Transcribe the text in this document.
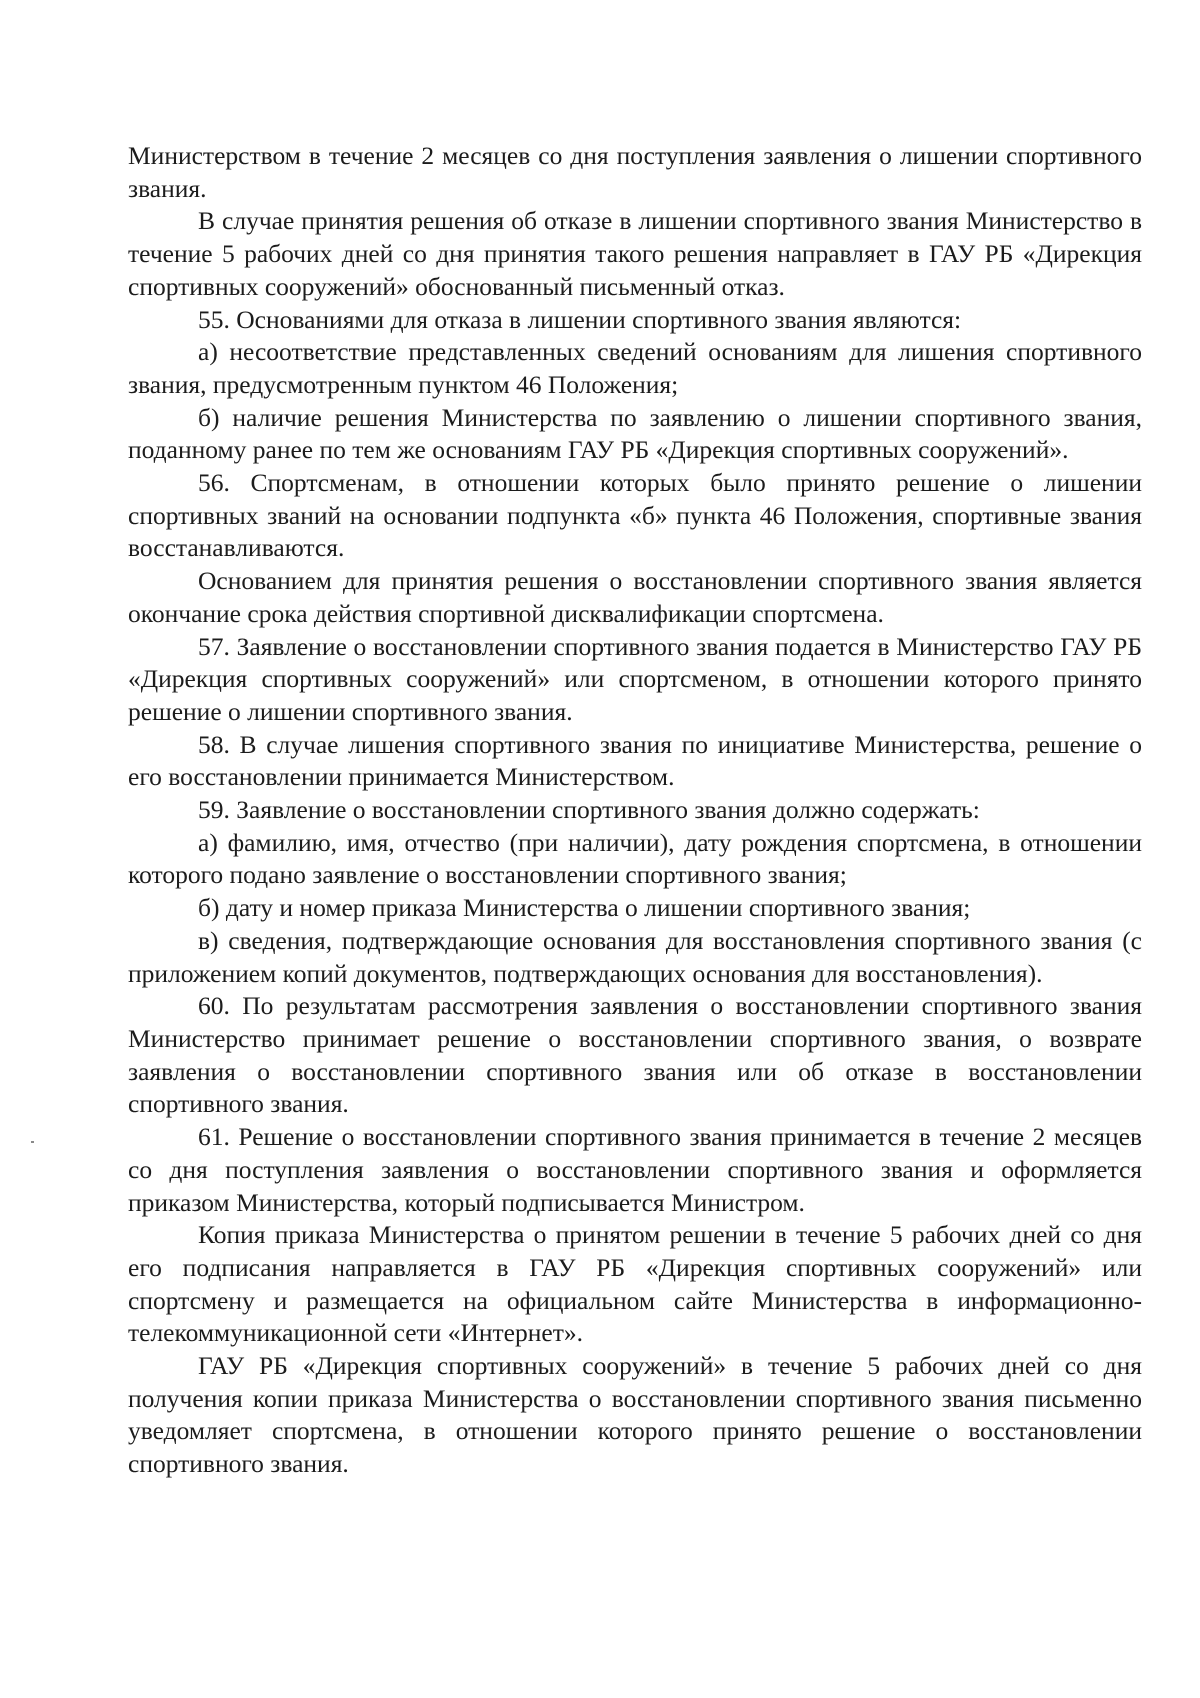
Министерством в течение 2 месяцев со дня поступления заявления о лишении спортивного звания.

В случае принятия решения об отказе в лишении спортивного звания Министерство в течение 5 рабочих дней со дня принятия такого решения направляет в ГАУ РБ «Дирекция спортивных сооружений» обоснованный письменный отказ.

55. Основаниями для отказа в лишении спортивного звания являются:

а) несоответствие представленных сведений основаниям для лишения спортивного звания, предусмотренным пунктом 46 Положения;

б) наличие решения Министерства по заявлению о лишении спортивного звания, поданному ранее по тем же основаниям ГАУ РБ «Дирекция спортивных сооружений».

56. Спортсменам, в отношении которых было принято решение о лишении спортивных званий на основании подпункта «б» пункта 46 Положения, спортивные звания восстанавливаются.

Основанием для принятия решения о восстановлении спортивного звания является окончание срока действия спортивной дисквалификации спортсмена.

57. Заявление о восстановлении спортивного звания подается в Министерство ГАУ РБ «Дирекция спортивных сооружений» или спортсменом, в отношении которого принято решение о лишении спортивного звания.

58. В случае лишения спортивного звания по инициативе Министерства, решение о его восстановлении принимается Министерством.

59. Заявление о восстановлении спортивного звания должно содержать:

а) фамилию, имя, отчество (при наличии), дату рождения спортсмена, в отношении которого подано заявление о восстановлении спортивного звания;

б) дату и номер приказа Министерства о лишении спортивного звания;

в) сведения, подтверждающие основания для восстановления спортивного звания (с приложением копий документов, подтверждающих основания для восстановления).

60. По результатам рассмотрения заявления о восстановлении спортивного звания Министерство принимает решение о восстановлении спортивного звания, о возврате заявления о восстановлении спортивного звания или об отказе в восстановлении спортивного звания.

61. Решение о восстановлении спортивного звания принимается в течение 2 месяцев со дня поступления заявления о восстановлении спортивного звания и оформляется приказом Министерства, который подписывается Министром.

Копия приказа Министерства о принятом решении в течение 5 рабочих дней со дня его подписания направляется в ГАУ РБ «Дирекция спортивных сооружений» или спортсмену и размещается на официальном сайте Министерства в информационно-телекоммуникационной сети «Интернет».

ГАУ РБ «Дирекция спортивных сооружений» в течение 5 рабочих дней со дня получения копии приказа Министерства о восстановлении спортивного звания письменно уведомляет спортсмена, в отношении которого принято решение о восстановлении спортивного звания.
